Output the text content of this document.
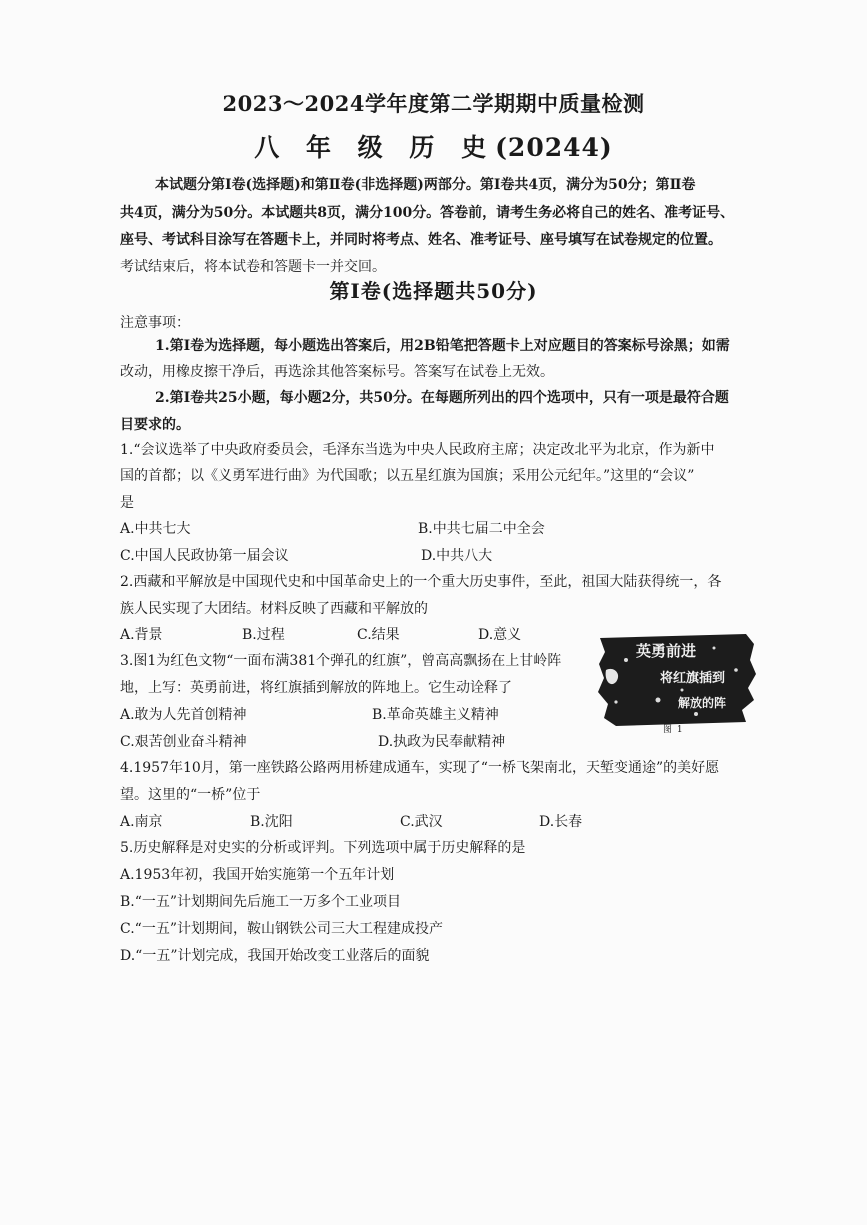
2023～2024学年度第二学期期中质量检测
八 年 级 历 史(20244)
本试题分第Ⅰ卷(选择题)和第Ⅱ卷(非选择题)两部分。第Ⅰ卷共4页，满分为50分；第Ⅱ卷
共4页，满分为50分。本试题共8页，满分100分。答卷前，请考生务必将自己的姓名、准考证号、
座号、考试科目涂写在答题卡上，并同时将考点、姓名、准考证号、座号填写在试卷规定的位置。
考试结束后，将本试卷和答题卡一并交回。
第Ⅰ卷(选择题共50分)
注意事项：
1.第Ⅰ卷为选择题，每小题选出答案后，用2B铅笔把答题卡上对应题目的答案标号涂黑；如需
改动，用橡皮擦干净后，再选涂其他答案标号。答案写在试卷上无效。
2.第Ⅰ卷共25小题，每小题2分，共50分。在每题所列出的四个选项中，只有一项是最符合题
目要求的。
1.“会议选举了中央政府委员会，毛泽东当选为中央人民政府主席；决定改北平为北京，作为新中
国的首都；以《义勇军进行曲》为代国歌；以五星红旗为国旗；采用公元纪年。”这里的“会议”
是
A.中共七大	B.中共七届二中全会
C.中国人民政协第一届会议	D.中共八大
2.西藏和平解放是中国现代史和中国革命史上的一个重大历史事件，至此，祖国大陆获得统一，各
族人民实现了大团结。材料反映了西藏和平解放的
A.背景	B.过程	C.结果	D.意义
3.图1为红色文物“一面布满381个弹孔的红旗”，曾高高飘扬在上甘岭阵
地，上写：英勇前进，将红旗插到解放的阵地上。它生动诠释了
A.敢为人先首创精神	B.革命英雄主义精神
C.艰苦创业奋斗精神	D.执政为民奉献精神
英勇前进
将红旗插到
解放的阵
图 1
4.1957年10月，第一座铁路公路两用桥建成通车，实现了“一桥飞架南北，天堑变通途”的美好愿
望。这里的“一桥”位于
A.南京	B.沈阳	C.武汉	D.长春
5.历史解释是对史实的分析或评判。下列选项中属于历史解释的是
A.1953年初，我国开始实施第一个五年计划
B.“一五”计划期间先后施工一万多个工业项目
C.“一五”计划期间，鞍山钢铁公司三大工程建成投产
D.“一五”计划完成，我国开始改变工业落后的面貌
